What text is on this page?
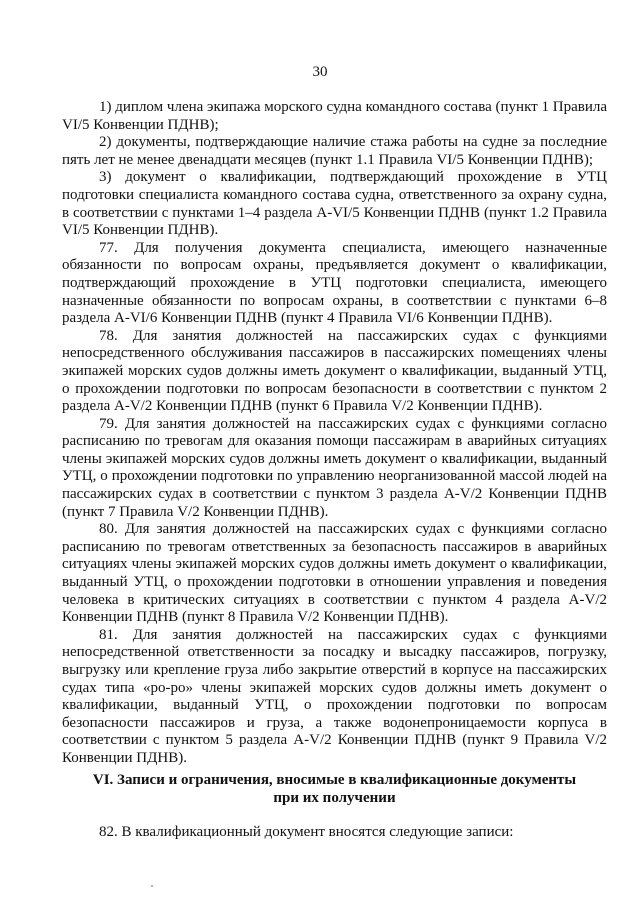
30

1) диплом члена экипажа морского судна командного состава (пункт 1 Правила VI/5 Конвенции ПДНВ);

2) документы, подтверждающие наличие стажа работы на судне за последние пять лет не менее двенадцати месяцев (пункт 1.1 Правила VI/5 Конвенции ПДНВ);

3) документ о квалификации, подтверждающий прохождение в УТЦ подготовки специалиста командного состава судна, ответственного за охрану судна, в соответствии с пунктами 1–4 раздела A-VI/5 Конвенции ПДНВ (пункт 1.2 Правила VI/5 Конвенции ПДНВ).

77. Для получения документа специалиста, имеющего назначенные обязанности по вопросам охраны, предъявляется документ о квалификации, подтверждающий прохождение в УТЦ подготовки специалиста, имеющего назначенные обязанности по вопросам охраны, в соответствии с пунктами 6–8 раздела A-VI/6 Конвенции ПДНВ (пункт 4 Правила VI/6 Конвенции ПДНВ).

78. Для занятия должностей на пассажирских судах с функциями непосредственного обслуживания пассажиров в пассажирских помещениях члены экипажей морских судов должны иметь документ о квалификации, выданный УТЦ, о прохождении подготовки по вопросам безопасности в соответствии с пунктом 2 раздела A-V/2 Конвенции ПДНВ (пункт 6 Правила V/2 Конвенции ПДНВ).

79. Для занятия должностей на пассажирских судах с функциями согласно расписанию по тревогам для оказания помощи пассажирам в аварийных ситуациях члены экипажей морских судов должны иметь документ о квалификации, выданный УТЦ, о прохождении подготовки по управлению неорганизованной массой людей на пассажирских судах в соответствии с пунктом 3 раздела A-V/2 Конвенции ПДНВ (пункт 7 Правила V/2 Конвенции ПДНВ).

80. Для занятия должностей на пассажирских судах с функциями согласно расписанию по тревогам ответственных за безопасность пассажиров в аварийных ситуациях члены экипажей морских судов должны иметь документ о квалификации, выданный УТЦ, о прохождении подготовки в отношении управления и поведения человека в критических ситуациях в соответствии с пунктом 4 раздела A-V/2 Конвенции ПДНВ (пункт 8 Правила V/2 Конвенции ПДНВ).

81. Для занятия должностей на пассажирских судах с функциями непосредственной ответственности за посадку и высадку пассажиров, погрузку, выгрузку или крепление груза либо закрытие отверстий в корпусе на пассажирских судах типа «ро-ро» члены экипажей морских судов должны иметь документ о квалификации, выданный УТЦ, о прохождении подготовки по вопросам безопасности пассажиров и груза, а также водонепроницаемости корпуса в соответствии с пунктом 5 раздела A-V/2 Конвенции ПДНВ (пункт 9 Правила V/2 Конвенции ПДНВ).

VI. Записи и ограничения, вносимые в квалификационные документы
при их получении

82. В квалификационный документ вносятся следующие записи:
